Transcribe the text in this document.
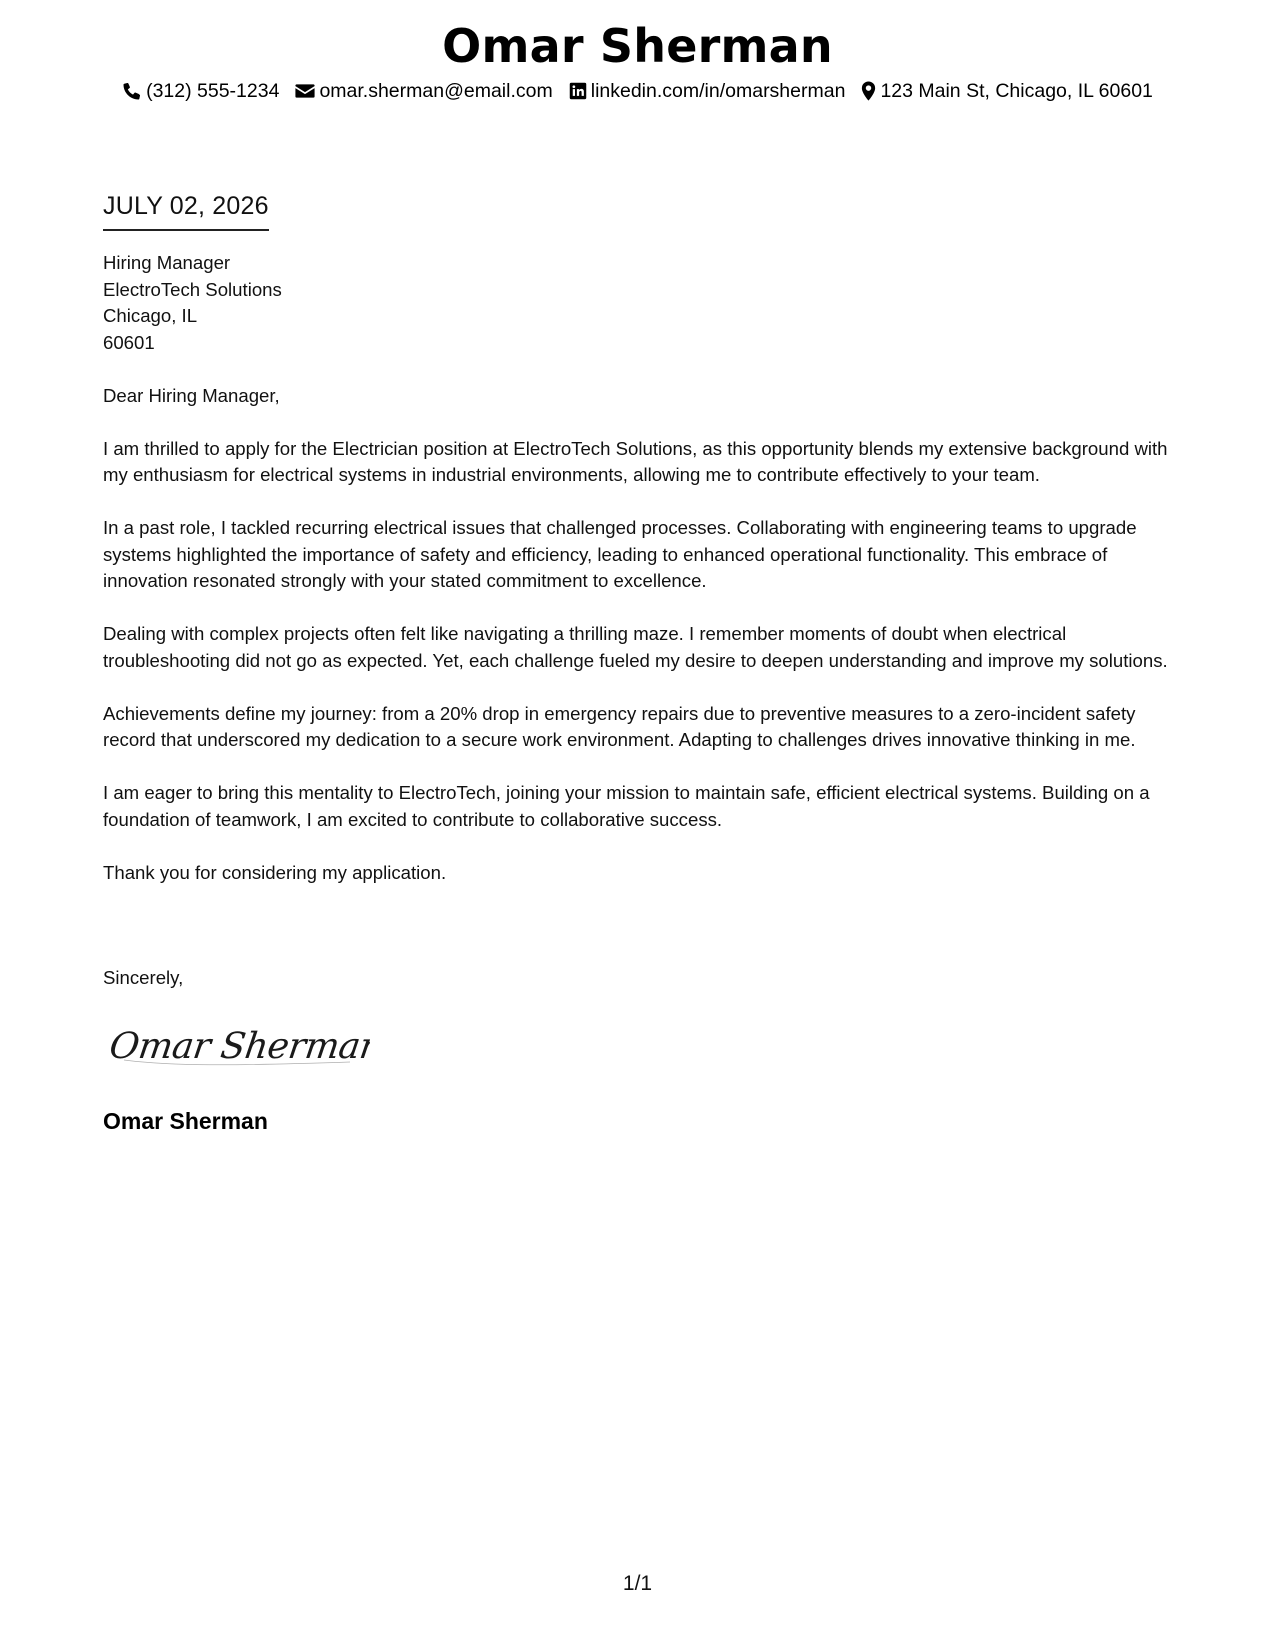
Omar Sherman
(312) 555-1234 omar.sherman@email.com linkedin.com/in/omarsherman 123 Main St, Chicago, IL 60601
JULY 02, 2026
Hiring Manager
ElectroTech Solutions
Chicago, IL
60601

Dear Hiring Manager,

I am thrilled to apply for the Electrician position at ElectroTech Solutions, as this opportunity blends my extensive background with my enthusiasm for electrical systems in industrial environments, allowing me to contribute effectively to your team.

In a past role, I tackled recurring electrical issues that challenged processes. Collaborating with engineering teams to upgrade systems highlighted the importance of safety and efficiency, leading to enhanced operational functionality. This embrace of innovation resonated strongly with your stated commitment to excellence.

Dealing with complex projects often felt like navigating a thrilling maze. I remember moments of doubt when electrical troubleshooting did not go as expected. Yet, each challenge fueled my desire to deepen understanding and improve my solutions.

Achievements define my journey: from a 20% drop in emergency repairs due to preventive measures to a zero-incident safety record that underscored my dedication to a secure work environment. Adapting to challenges drives innovative thinking in me.

I am eager to bring this mentality to ElectroTech, joining your mission to maintain safe, efficient electrical systems. Building on a foundation of teamwork, I am excited to contribute to collaborative success.

Thank you for considering my application.

Sincerely,
Omar Sherman
Omar Sherman
1/1
